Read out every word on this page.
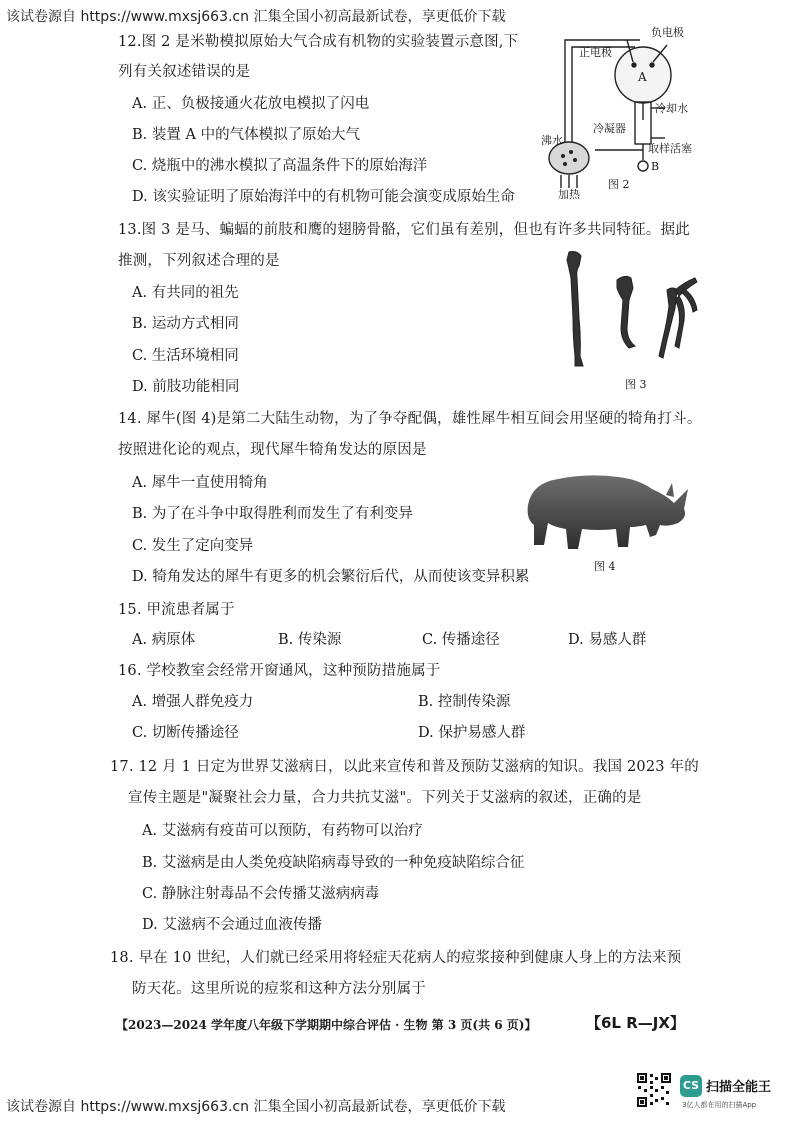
该试卷源自 https://www.mxsj663.cn 汇集全国小初高最新试卷，享更低价下载
12.图 2 是米勒模拟原始大气合成有机物的实验装置示意图,下
列有关叙述错误的是
A. 正、负极接通火花放电模拟了闪电
B. 装置 A 中的气体模拟了原始大气
C. 烧瓶中的沸水模拟了高温条件下的原始海洋
D. 该实验证明了原始海洋中的有机物可能会演变成原始生命
正电极
负电极
A
沸水
冷凝器
冷却水
取样活塞
B
加热
图 2
13.图 3 是马、蝙蝠的前肢和鹰的翅膀骨骼，它们虽有差别，但也有许多共同特征。据此
推测，下列叙述合理的是
A. 有共同的祖先
B. 运动方式相同
C. 生活环境相同
D. 前肢功能相同	图 3
14. 犀牛(图 4)是第二大陆生动物，为了争夺配偶，雄性犀牛相互间会用坚硬的犄角打斗。
按照进化论的观点，现代犀牛犄角发达的原因是
A. 犀牛一直使用犄角
B. 为了在斗争中取得胜利而发生了有利变异
C. 发生了定向变异
D. 犄角发达的犀牛有更多的机会繁衍后代，从而使该变异积累
图 4
15. 甲流患者属于
A. 病原体	B. 传染源	C. 传播途径	D. 易感人群
16. 学校教室会经常开窗通风，这种预防措施属于
A. 增强人群免疫力	B. 控制传染源
C. 切断传播途径	D. 保护易感人群
17. 12 月 1 日定为世界艾滋病日，以此来宣传和普及预防艾滋病的知识。我国 2023 年的
宣传主题是"凝聚社会力量，合力共抗艾滋"。下列关于艾滋病的叙述，正确的是
A. 艾滋病有疫苗可以预防，有药物可以治疗
B. 艾滋病是由人类免疫缺陷病毒导致的一种免疫缺陷综合征
C. 静脉注射毒品不会传播艾滋病病毒
D. 艾滋病不会通过血液传播
18. 早在 10 世纪，人们就已经采用将轻症天花病人的痘浆接种到健康人身上的方法来预
防天花。这里所说的痘浆和这种方法分别属于
【2023—2024 学年度八年级下学期期中综合评估 · 生物 第 3 页(共 6 页)】	【6L R—JX】
CS 扫描全能王
3亿人都在用的扫描App
该试卷源自 https://www.mxsj663.cn 汇集全国小初高最新试卷，享更低价下载
